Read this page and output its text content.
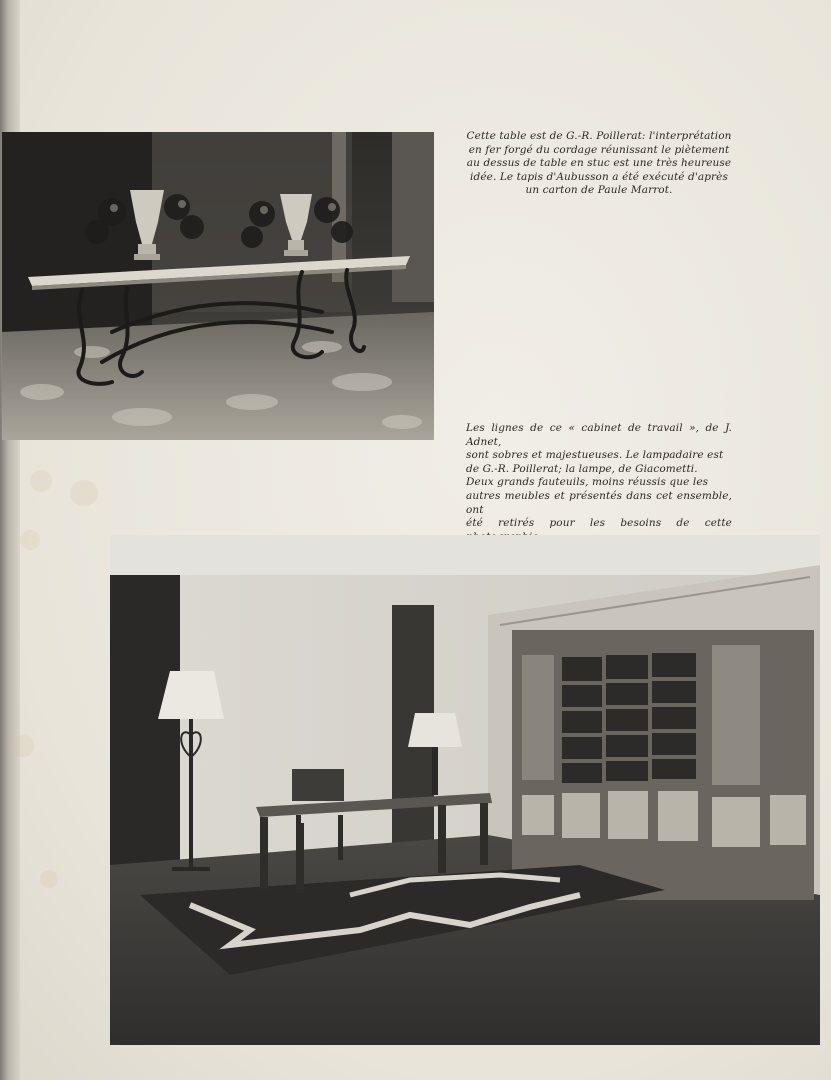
Cette table est de G.-R. Poillerat: l'interprétation

en fer forgé du cordage réunissant le piètement

au dessus de table en stuc est une très heureuse

idée. Le tapis d'Aubusson a été exécuté d'après

un carton de Paule Marrot.

Les lignes de ce « cabinet de travail », de J. Adnet,

sont sobres et majestueuses. Le lampadaire est

de G.-R. Poillerat; la lampe, de Giacometti.

Deux grands fauteuils, moins réussis que les

autres meubles et présentés dans cet ensemble, ont

été retirés pour les besoins de cette
